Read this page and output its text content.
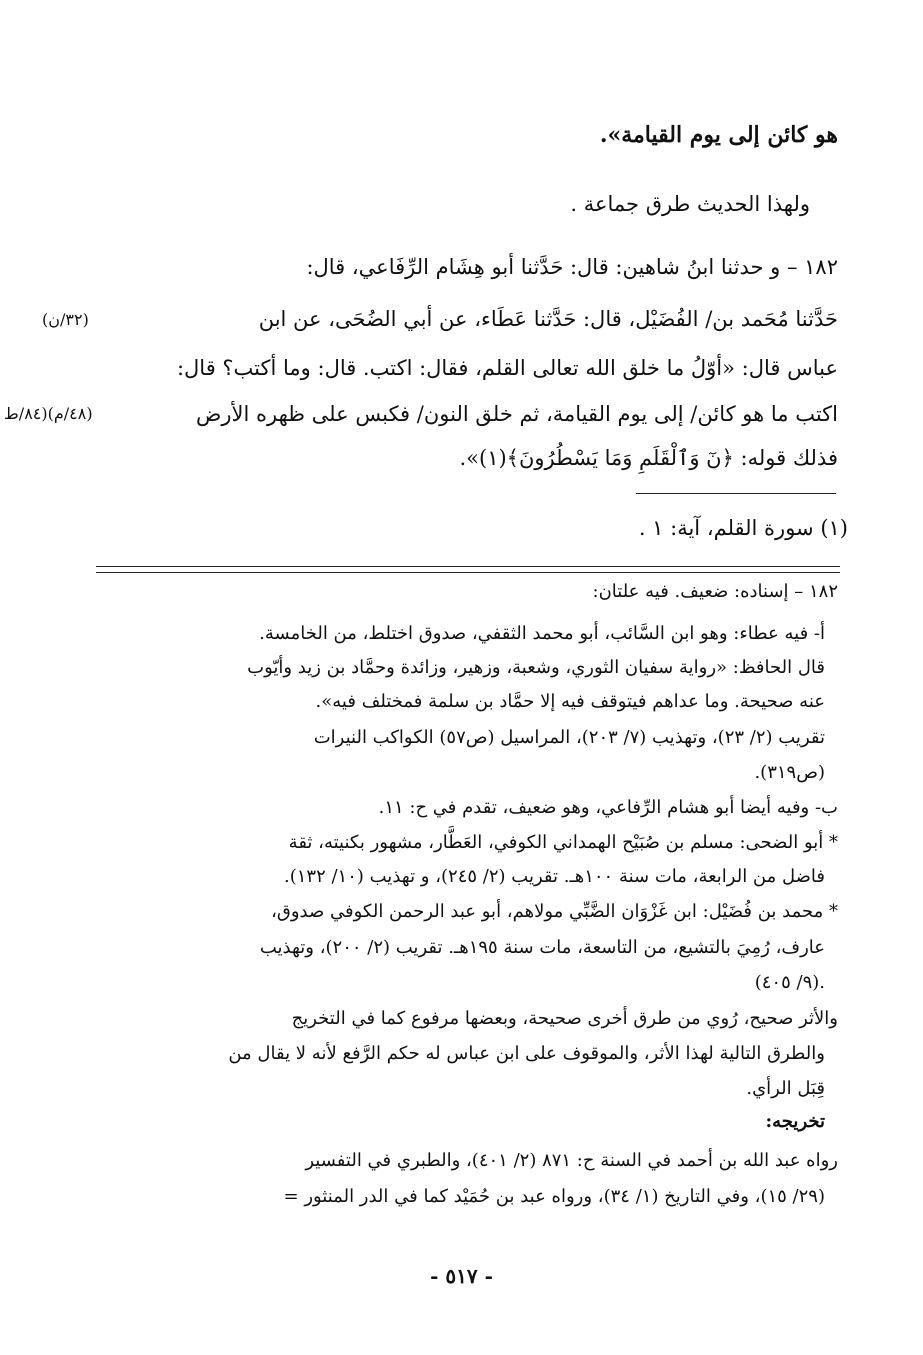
هو كائن إلى يوم القيامة».
ولهذا الحديث طرق جماعة .
١٨٢ – و حدثنا ابنُ شاهين: قال: حَدَّثنا أبو هِشَام الرِّفَاعي، قال:
حَدَّثنا مُحَمد بن/ الفُضَيْل، قال: حَدَّثنا عَطَاء، عن أبي الضُحَى، عن ابن
عباس قال: «أوّلُ ما خلق الله تعالى القلم، فقال: اكتب. قال: وما أكتب؟ قال:
اكتب ما هو كائن/ إلى يوم القيامة، ثم خلق النون/ فكبس على ظهره الأرض
فذلك قوله: ﴿نٓ وَٱلْقَلَمِ وَمَا يَسْطُرُونَ﴾(١)».
(٣٢/ن)
(٤٨/م)(٨٤/ط
(١) سورة القلم، آية: ١ .
١٨٢ – إسناده: ضعيف. فيه علتان:
أ- فيه عطاء: وهو ابن السَّائب، أبو محمد الثقفي، صدوق اختلط، من الخامسة.
قال الحافظ: «رواية سفيان الثوري، وشعبة، وزهير، وزائدة وحمَّاد بن زيد وأيّوب
عنه صحيحة. وما عداهم فيتوقف فيه إلا حمَّاد بن سلمة فمختلف فيه».
تقريب (٢/ ٢٣)، وتهذيب (٧/ ٢٠٣)، المراسيل (ص٥٧) الكواكب النيرات
(ص٣١٩).
ب- وفيه أيضا أبو هشام الرِّفاعي، وهو ضعيف، تقدم في ح: ١١.
* أبو الضحى: مسلم بن صُبَيْح الهمداني الكوفي، العَطَّار، مشهور بكنيته، ثقة
فاضل من الرابعة، مات سنة ١٠٠هـ. تقريب (٢/ ٢٤٥)، و تهذيب (١٠/ ١٣٢).
* محمد بن فُضَيْل: ابن غَزْوَان الضَّبِّي مولاهم، أبو عبد الرحمن الكوفي صدوق،
عارف، رُمِيَ بالتشيع، من التاسعة، مات سنة ١٩٥هـ. تقريب (٢/ ٢٠٠)، وتهذيب
(٩/ ٤٠٥).
والأثر صحيح، رُوي من طرق أخرى صحيحة، وبعضها مرفوع كما في التخريج
والطرق التالية لهذا الأثر، والموقوف على ابن عباس له حكم الرَّفع لأنه لا يقال من
قِبَل الرأي.
تخريجه:
رواه عبد الله بن أحمد في السنة ح: ٨٧١ (٢/ ٤٠١)، والطبري في التفسير
(٢٩/ ١٥)، وفي التاريخ (١/ ٣٤)، ورواه عبد بن حُمَيْد كما في الدر المنثور =
- ٥١٧ -
